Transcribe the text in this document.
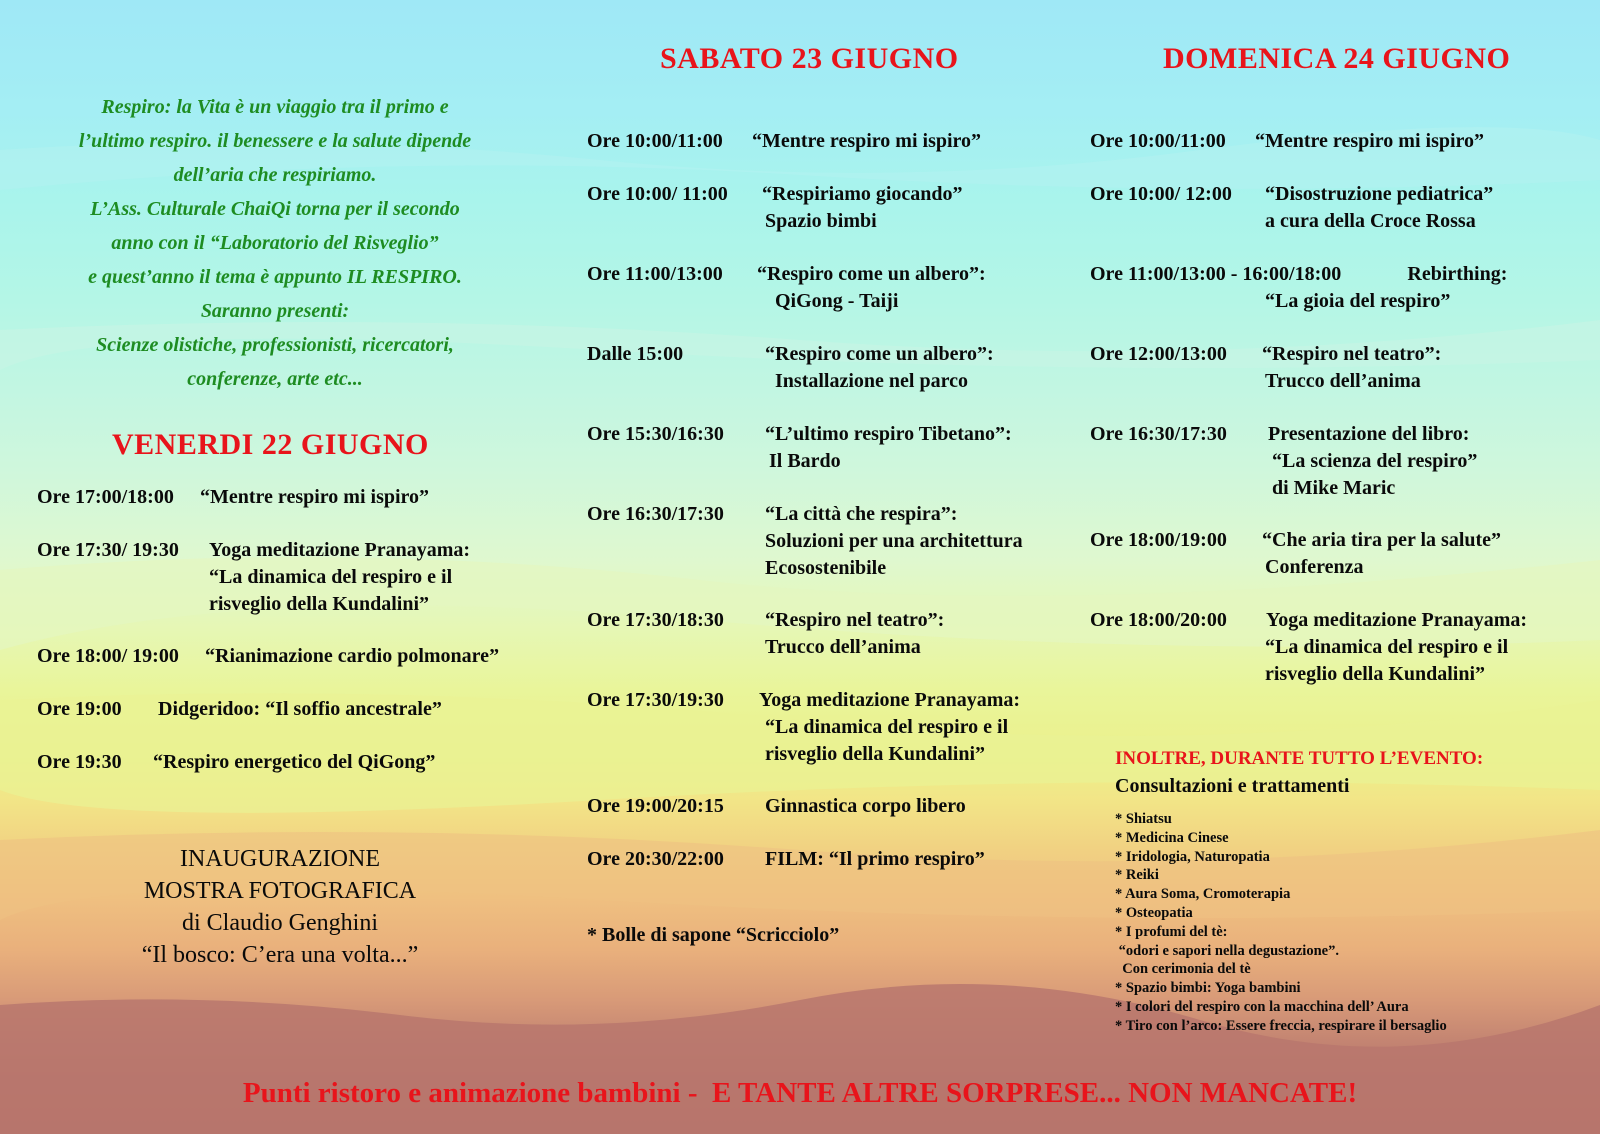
Respiro: la Vita è un viaggio tra il primo e
l’ultimo respiro. il benessere e la salute dipende
dell’aria che respiriamo.
L’Ass. Culturale ChaiQi torna per il secondo
anno con il “Laboratorio del Risveglio”
e quest’anno il tema è appunto IL RESPIRO.
Saranno presenti:
Scienze olistiche, professionisti, ricercatori,
conferenze, arte etc...
VENERDI 22 GIUGNO
Ore 17:00/18:00 “Mentre respiro mi ispiro”
Ore 17:30/ 19:30 Yoga meditazione Pranayama:
“La dinamica del respiro e il
risveglio della Kundalini”
Ore 18:00/ 19:00 “Rianimazione cardio polmonare”
Ore 19:00 Didgeridoo: “Il soffio ancestrale”
Ore 19:30 “Respiro energetico del QiGong”
INAUGURAZIONE
MOSTRA FOTOGRAFICA
di Claudio Genghini
“Il bosco: C’era una volta...”
SABATO 23 GIUGNO
Ore 10:00/11:00 “Mentre respiro mi ispiro”
Ore 10:00/ 11:00 “Respiriamo giocando”
Spazio bimbi
Ore 11:00/13:00 “Respiro come un albero”:
QiGong - Taiji
Dalle 15:00	“Respiro come un albero”:
Installazione nel parco
Ore 15:30/16:30 “L’ultimo respiro Tibetano”:
Il Bardo
Ore 16:30/17:30 “La città che respira”:
Soluzioni per una architettura
Ecosostenibile
Ore 17:30/18:30 “Respiro nel teatro”:
Trucco dell’anima
Ore 17:30/19:30 Yoga meditazione Pranayama:
“La dinamica del respiro e il
risveglio della Kundalini”
Ore 19:00/20:15 Ginnastica corpo libero
Ore 20:30/22:00 FILM: “Il primo respiro”
* Bolle di sapone “Scricciolo”
DOMENICA 24 GIUGNO
Ore 10:00/11:00 “Mentre respiro mi ispiro”
Ore 10:00/ 12:00 “Disostruzione pediatrica”
a cura della Croce Rossa
Ore 11:00/13:00 - 16:00/18:00	Rebirthing:
“La gioia del respiro”
Ore 12:00/13:00 “Respiro nel teatro”:
Trucco dell’anima
Ore 16:30/17:30 Presentazione del libro:
“La scienza del respiro”
di Mike Maric
Ore 18:00/19:00 “Che aria tira per la salute”
Conferenza
Ore 18:00/20:00 Yoga meditazione Pranayama:
“La dinamica del respiro e il
risveglio della Kundalini”
INOLTRE, DURANTE TUTTO L’EVENTO:
Consultazioni e trattamenti
* Shiatsu
* Medicina Cinese
* Iridologia, Naturopatia
* Reiki
* Aura Soma, Cromoterapia
* Osteopatia
* I profumi del tè:
“odori e sapori nella degustazione”.
Con cerimonia del tè
* Spazio bimbi: Yoga bambini
* I colori del respiro con la macchina dell’ Aura
* Tiro con l’arco: Essere freccia, respirare il bersaglio
Punti ristoro e animazione bambini -  E TANTE ALTRE SORPRESE... NON MANCATE!
